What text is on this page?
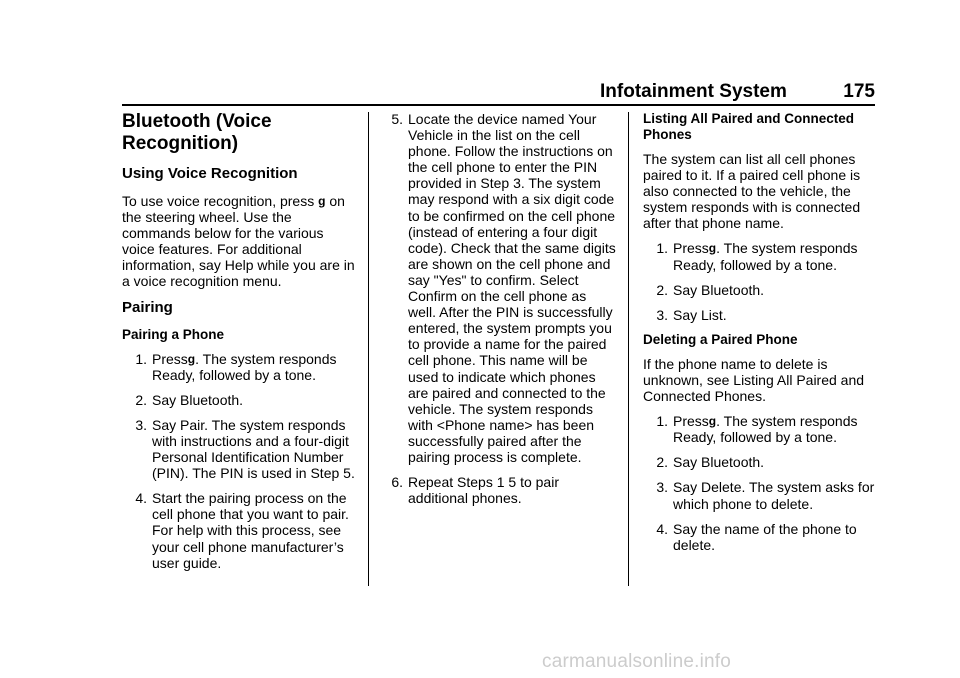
Infotainment System	175
Bluetooth (Voice Recognition)
Using Voice Recognition

To use voice recognition, press g on the steering wheel. Use the commands below for the various voice features. For additional information, say Help while you are in a voice recognition menu.

Pairing
Pairing a Phone
1. Pressg. The system responds Ready, followed by a tone.
2. Say Bluetooth.
3. Say Pair. The system responds with instructions and a four-digit Personal Identification Number (PIN). The PIN is used in Step 5.
4. Start the pairing process on the cell phone that you want to pair. For help with this process, see your cell phone manufacturer’s user guide.
5. Locate the device named Your Vehicle in the list on the cell phone. Follow the instructions on the cell phone to enter the PIN provided in Step 3. The system may respond with a six digit code to be confirmed on the cell phone (instead of entering a four digit code). Check that the same digits are shown on the cell phone and say "Yes" to confirm. Select Confirm on the cell phone as well. After the PIN is successfully entered, the system prompts you to provide a name for the paired cell phone. This name will be used to indicate which phones are paired and connected to the vehicle. The system responds with <Phone name> has been successfully paired after the pairing process is complete.
6. Repeat Steps 1 5 to pair additional phones.
Listing All Paired and Connected Phones

The system can list all cell phones paired to it. If a paired cell phone is also connected to the vehicle, the system responds with is connected after that phone name.

1. Pressg. The system responds Ready, followed by a tone.
2. Say Bluetooth.
3. Say List.
Deleting a Paired Phone

If the phone name to delete is unknown, see Listing All Paired and Connected Phones.

1. Pressg. The system responds Ready, followed by a tone.
2. Say Bluetooth.
3. Say Delete. The system asks for which phone to delete.
4. Say the name of the phone to delete.
carmanualsonline.info
